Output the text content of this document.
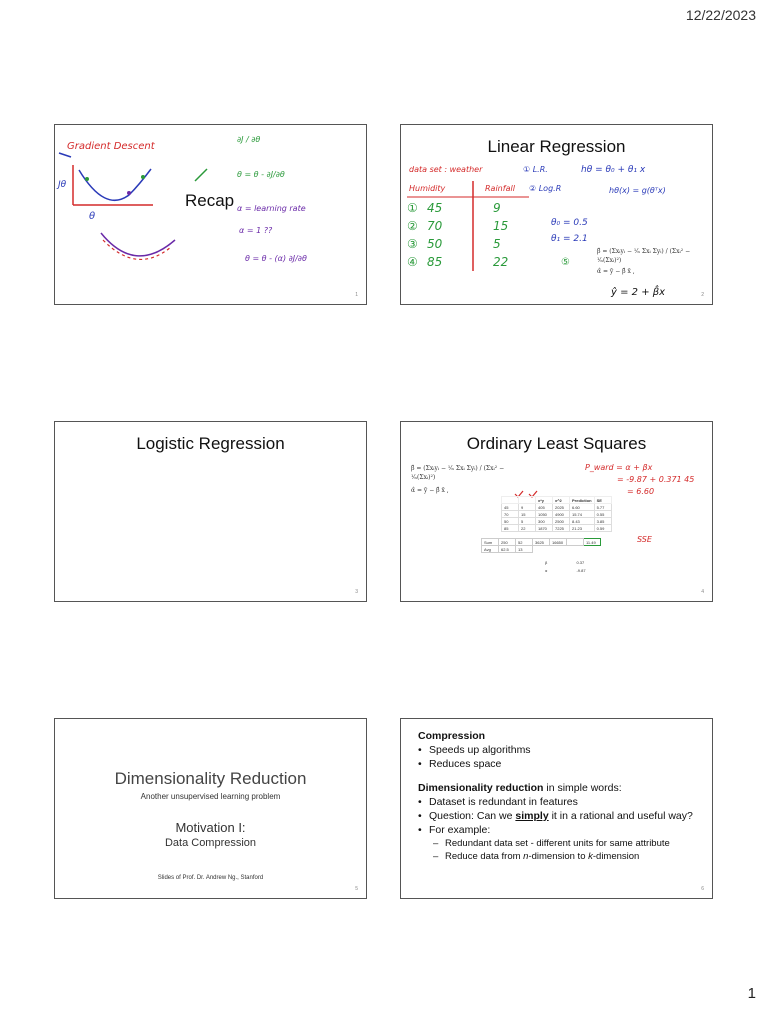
12/22/2023
Gradient Descent
Jθ
θ
∂J / ∂θ
θ = θ - ∂J/∂θ
α = learning rate
α = 1 ??
θ = θ - (α) ∂J/∂θ
Recap
1
Linear Regression
data set : weather	① L.R.	hθ = θ₀ + θ₁ x
Humidity	Rainfall ② Log.R	hθ(x) = g(θᵀx)
θ₀ = 0.5
θ₁ = 2.1
⑤
ŷ = 2 + β̂x
① 45	9
② 70	15
③ 50	5
④ 85	22
β̂ = (Σxᵢyᵢ − ¹⁄ₙ Σxᵢ Σyᵢ) / (Σxᵢ² − ¹⁄ₙ(Σxᵢ)²)
α̂ = ȳ − β̂ x̄ ,
2
Logistic Regression
3
Ordinary Least Squares
β̂ = (Σxᵢyᵢ − ¹⁄ₙ Σxᵢ Σyᵢ) / (Σxᵢ² − ¹⁄ₙ(Σxᵢ)²)
α̂ = ȳ − β̂ x̄ ,
P_ward = α + βx
= -9.87 + 0.371 45
= 6.60
SSE
		x*y	x^2	Prediction	SE
45	9	405	2025	6.60	5.77
70	15	1050	4900	15.74	0.55
50	5	300	2500	8.43	3.85
85	22	1870	7225	21.23	0.59
Sum	250	52	3625	16650		11.49
Avg	62.5	13				
β	0.37
α	-9.87
4
Dimensionality Reduction
Another unsupervised learning problem
Motivation I:
Data Compression
Slides of Prof. Dr. Andrew Ng., Stanford
5
Compression
• Speeds up algorithms
• Reduces space
Dimensionality reduction in simple words:
• Dataset is redundant in features
• Question: Can we simply it in a rational and useful way?
• For example:
– Redundant data set - different units for same attribute
– Reduce data from n-dimension to k-dimension
6
1
